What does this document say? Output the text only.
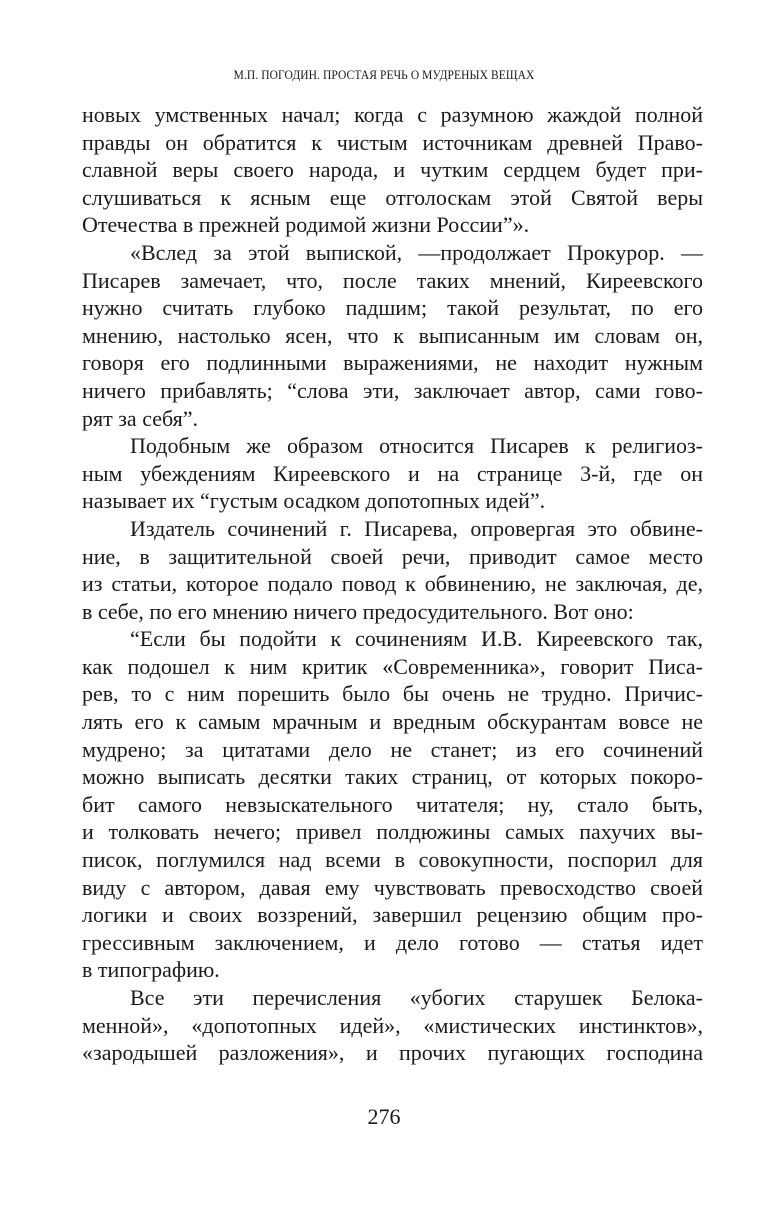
М.П. ПОГОДИН. ПРОСТАЯ РЕЧЬ О МУДРЕНЫХ ВЕЩАХ
новых умственных начал; когда с разумною жаждой полной
правды он обратится к чистым источникам древней Право-
славной веры своего народа, и чутким сердцем будет при-
слушиваться к ясным еще отголоскам этой Святой веры
Отечества в прежней родимой жизни России”».
«Вслед за этой выпиской, —продолжает Прокурор. —
Писарев замечает, что, после таких мнений, Киреевского
нужно считать глубоко падшим; такой результат, по его
мнению, настолько ясен, что к выписанным им словам он,
говоря его подлинными выражениями, не находит нужным
ничего прибавлять; “слова эти, заключает автор, сами гово-
рят за себя”.
Подобным же образом относится Писарев к религиоз-
ным убеждениям Киреевского и на странице 3-й, где он
называет их “густым осадком допотопных идей”.
Издатель сочинений г. Писарева, опровергая это обвине-
ние, в защитительной своей речи, приводит самое место
из статьи, которое подало повод к обвинению, не заключая, де,
в себе, по его мнению ничего предосудительного. Вот оно:
“Если бы подойти к сочинениям И.В. Киреевского так,
как подошел к ним критик «Современника», говорит Писа-
рев, то с ним порешить было бы очень не трудно. Причис-
лять его к самым мрачным и вредным обскурантам вовсе не
мудрено; за цитатами дело не станет; из его сочинений
можно выписать десятки таких страниц, от которых покоро-
бит самого невзыскательного читателя; ну, стало быть,
и толковать нечего; привел полдюжины самых пахучих вы-
писок, поглумился над всеми в совокупности, поспорил для
виду с автором, давая ему чувствовать превосходство своей
логики и своих воззрений, завершил рецензию общим про-
грессивным заключением, и дело готово — статья идет
в типографию.
Все эти перечисления «убогих старушек Белока-
менной», «допотопных идей», «мистических инстинктов»,
«зародышей разложения», и прочих пугающих господина
276
